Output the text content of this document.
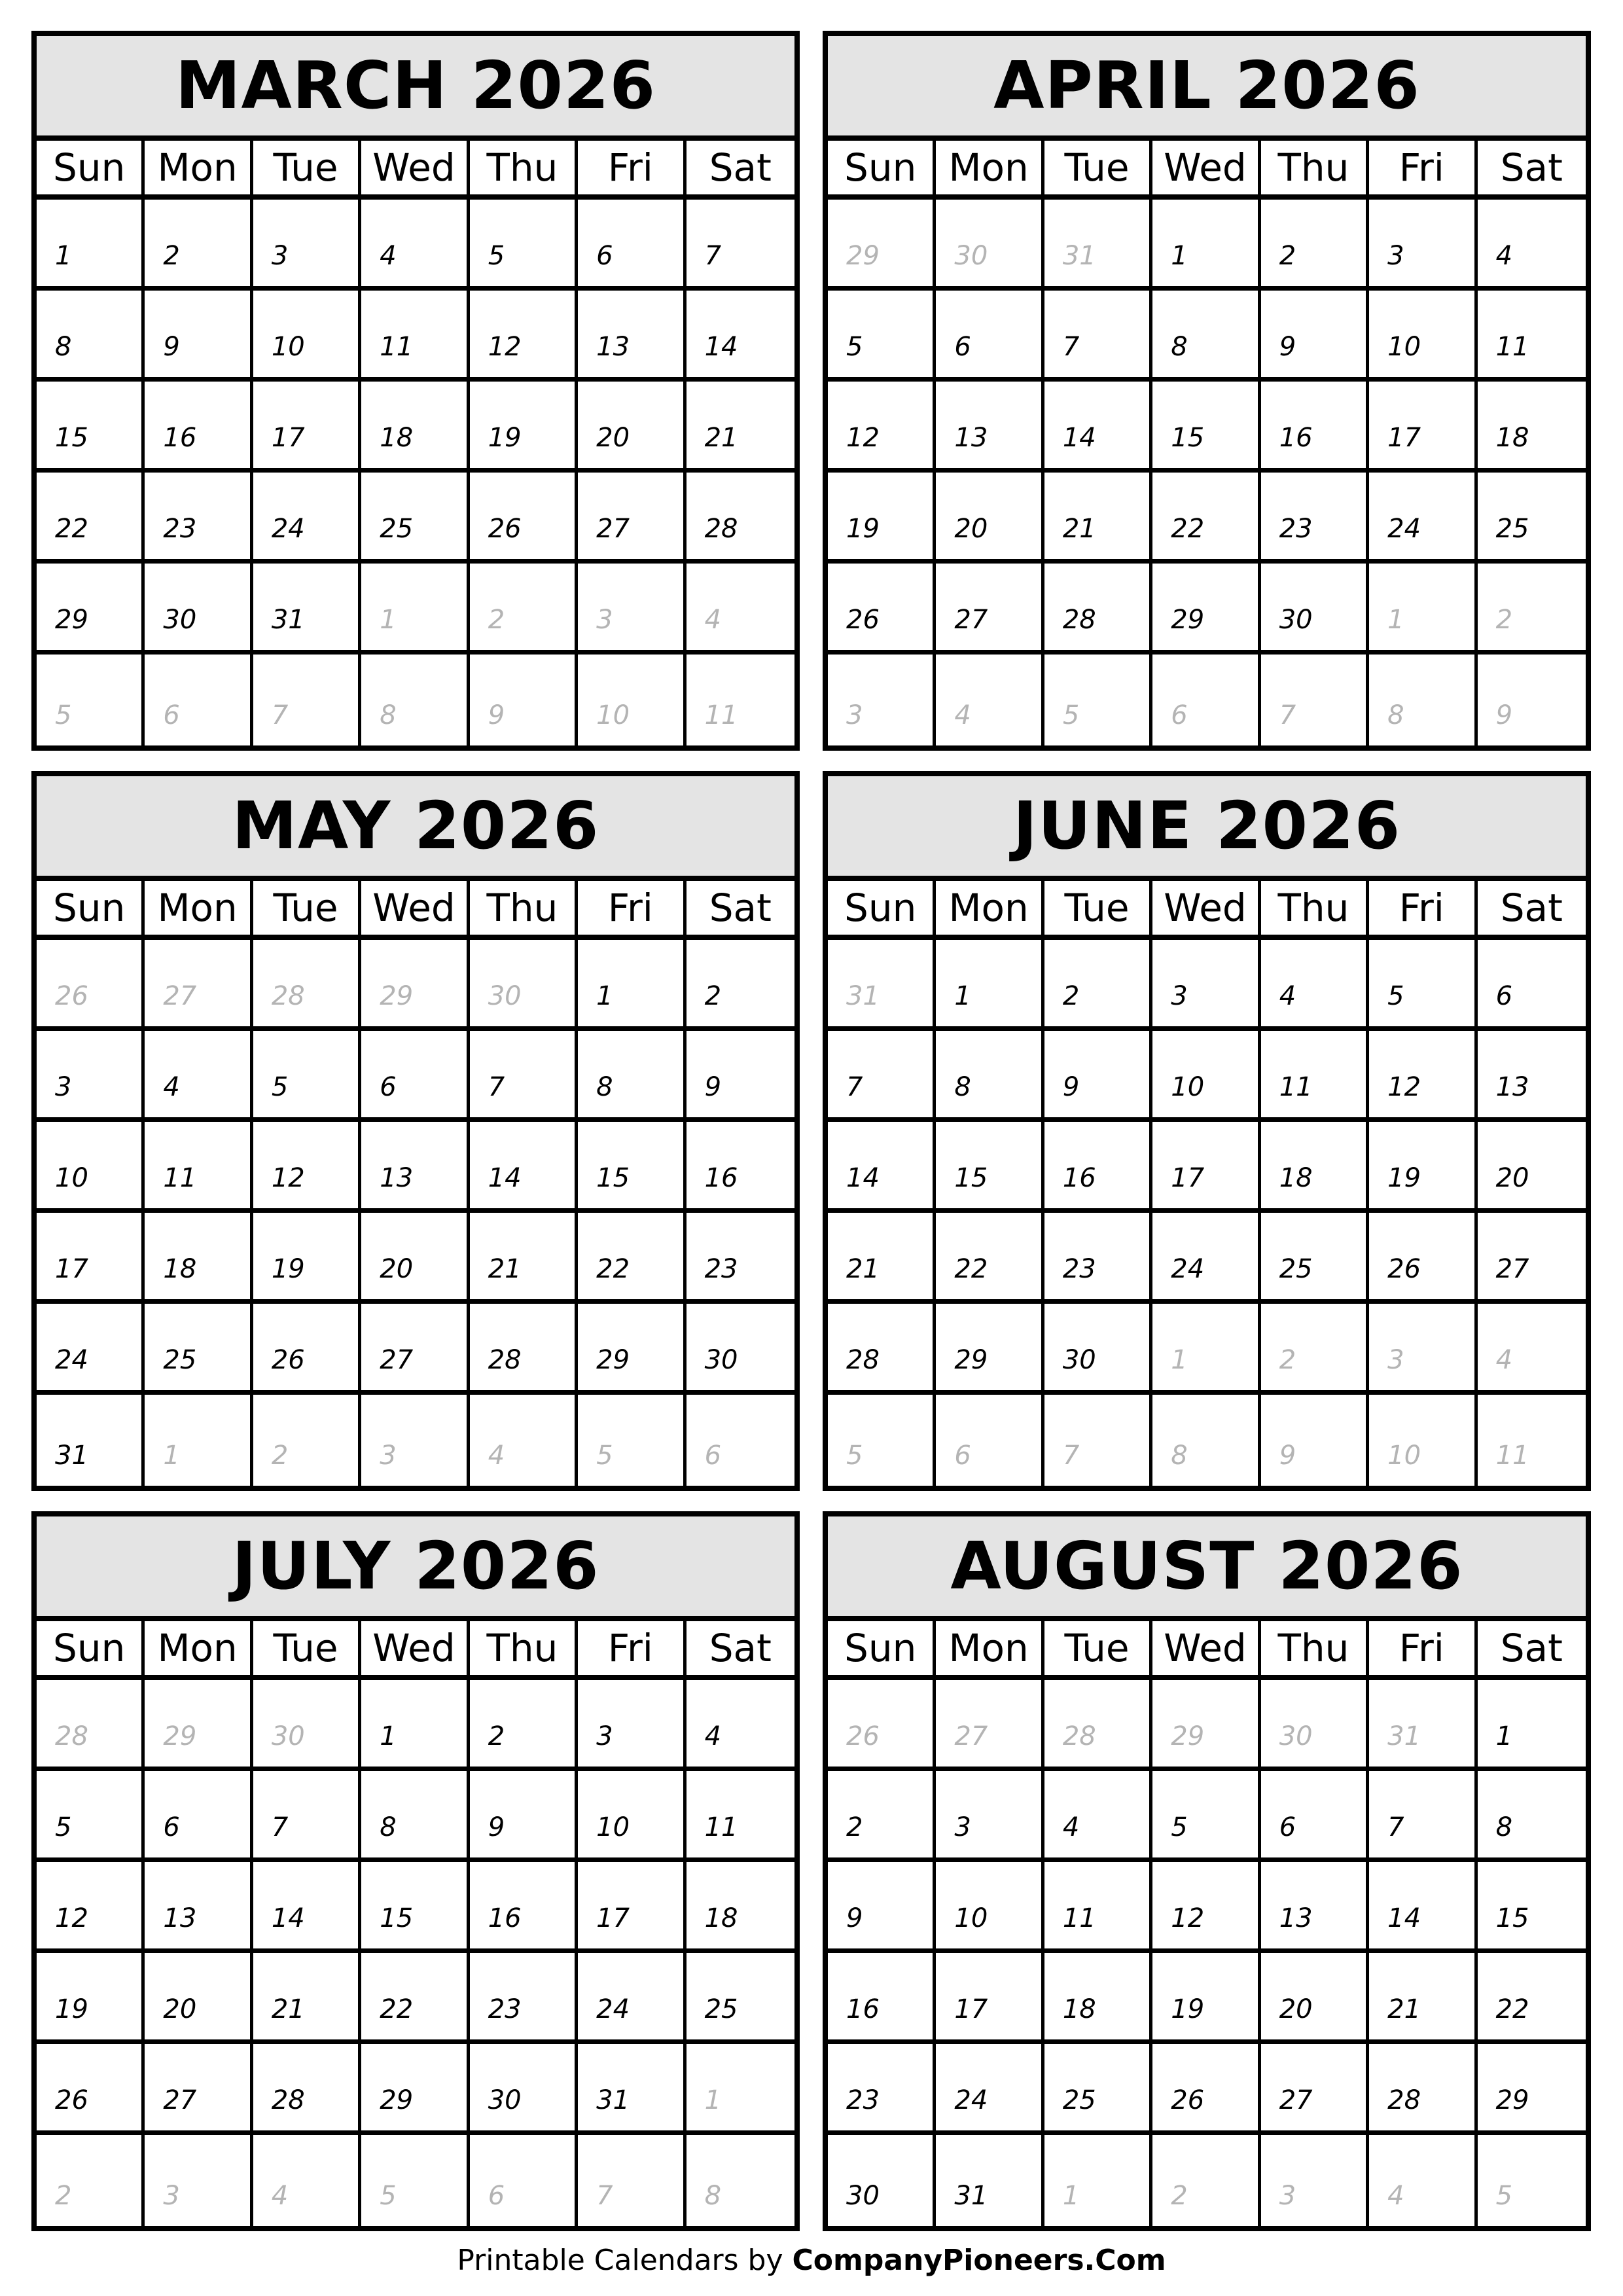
MARCH 2026
Sun Mon Tue Wed Thu	Fri	Sat
1	2	3	4	5	6	7
8	9	10	11	12	13	14
15	16	17	18	19	20	21
22	23	24	25	26	27	28
29	30	31	1	2	3	4
5	6	7	8	9	10	11
APRIL 2026
Sun Mon Tue Wed Thu	Fri	Sat
29	30	31	1	2	3	4
5	6	7	8	9	10	11
12	13	14	15	16	17	18
19	20	21	22	23	24	25
26	27	28	29	30	1	2
3	4	5	6	7	8	9
MAY 2026
Sun Mon Tue Wed Thu	Fri	Sat
26	27	28	29	30	1	2
3	4	5	6	7	8	9
10	11	12	13	14	15	16
17	18	19	20	21	22	23
24	25	26	27	28	29	30
31	1	2	3	4	5	6
JUNE 2026
Sun Mon Tue Wed Thu	Fri	Sat
31	1	2	3	4	5	6
7	8	9	10	11	12	13
14	15	16	17	18	19	20
21	22	23	24	25	26	27
28	29	30	1	2	3	4
5	6	7	8	9	10	11
JULY 2026
Sun Mon Tue Wed Thu	Fri	Sat
28	29	30	1	2	3	4
5	6	7	8	9	10	11
12	13	14	15	16	17	18
19	20	21	22	23	24	25
26	27	28	29	30	31	1
2	3	4	5	6	7	8
AUGUST 2026
Sun Mon Tue Wed Thu	Fri	Sat
26	27	28	29	30	31	1
2	3	4	5	6	7	8
9	10	11	12	13	14	15
16	17	18	19	20	21	22
23	24	25	26	27	28	29
30	31	1	2	3	4	5
Printable Calendars by CompanyPioneers.Com
